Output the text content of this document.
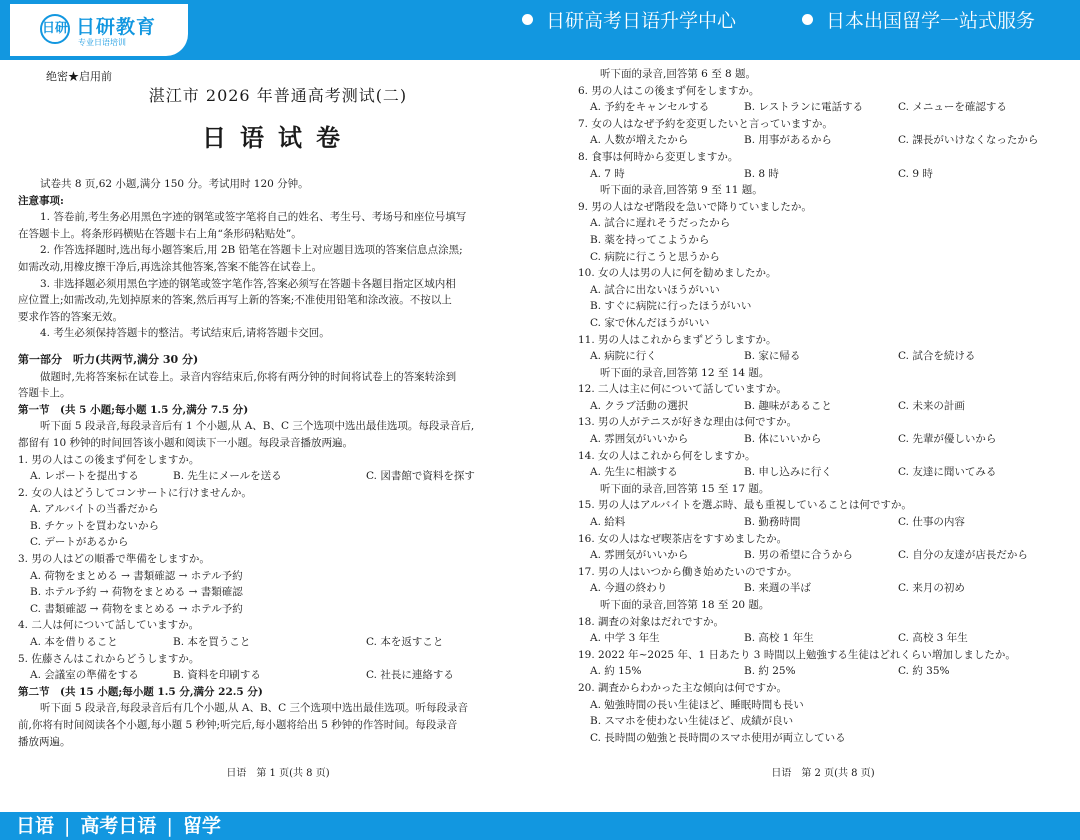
日研 日研教育
专业日语培训
日研高考日语升学中心	日本出国留学一站式服务
绝密★启用前
湛江市 2026 年普通高考测试(二)
日语试卷

试卷共 8 页,62 小题,满分 150 分。考试用时 120 分钟。

注意事项:

1. 答卷前,考生务必用黑色字迹的钢笔或签字笔将自己的姓名、考生号、考场号和座位号填写

在答题卡上。将条形码横贴在答题卡右上角“条形码粘贴处”。

2. 作答选择题时,选出每小题答案后,用 2B 铅笔在答题卡上对应题目选项的答案信息点涂黑;

如需改动,用橡皮擦干净后,再选涂其他答案,答案不能答在试卷上。

3. 非选择题必须用黑色字迹的钢笔或签字笔作答,答案必须写在答题卡各题目指定区域内相

应位置上;如需改动,先划掉原来的答案,然后再写上新的答案;不准使用铅笔和涂改液。不按以上

要求作答的答案无效。

4. 考生必须保持答题卡的整洁。考试结束后,请将答题卡交回。

第一部分　听力(共两节,满分 30 分)

做题时,先将答案标在试卷上。录音内容结束后,你将有两分钟的时间将试卷上的答案转涂到

答题卡上。

第一节　(共 5 小题;每小题 1.5 分,满分 7.5 分)

听下面 5 段录音,每段录音后有 1 个小题,从 A、B、C 三个选项中选出最佳选项。每段录音后,

都留有 10 秒钟的时间回答该小题和阅读下一小题。每段录音播放两遍。

1. 男の人はこの後まず何をしますか。

A. レポートを提出する	B. 先生にメールを送る	C. 図書館で資料を探す

2. 女の人はどうしてコンサートに行けませんか。

A. アルバイトの当番だから

B. チケットを買わないから

C. デートがあるから

3. 男の人はどの順番で準備をしますか。

A. 荷物をまとめる → 書類確認 → ホテル予約

B. ホテル予約 → 荷物をまとめる → 書類確認

C. 書類確認 → 荷物をまとめる → ホテル予約

4. 二人は何について話していますか。

A. 本を借りること	B. 本を買うこと	C. 本を返すこと

5. 佐藤さんはこれからどうしますか。

A. 会議室の準備をする	B. 資料を印刷する	C. 社長に連絡する

第二节　(共 15 小题;每小题 1.5 分,满分 22.5 分)

听下面 5 段录音,每段录音后有几个小题,从 A、B、C 三个选项中选出最佳选项。听每段录音

前,你将有时间阅读各个小题,每小题 5 秒钟;听完后,每小题将给出 5 秒钟的作答时间。每段录音

播放两遍。

日语　第 1 页(共 8 页)

听下面的录音,回答第 6 至 8 题。

6. 男の人はこの後まず何をしますか。

A. 予約をキャンセルする	B. レストランに電話する	C. メニューを確認する

7. 女の人はなぜ予約を変更したいと言っていますか。

A. 人数が増えたから	B. 用事があるから	C. 課長がいけなくなったから

8. 食事は何時から変更しますか。

A. 7 時	B. 8 時	C. 9 時

听下面的录音,回答第 9 至 11 题。

9. 男の人はなぜ階段を急いで降りていましたか。

A. 試合に遅れそうだったから

B. 薬を持ってこようから

C. 病院に行こうと思うから

10. 女の人は男の人に何を勧めましたか。

A. 試合に出ないほうがいい

B. すぐに病院に行ったほうがいい

C. 家で休んだほうがいい

11. 男の人はこれからまずどうしますか。

A. 病院に行く	B. 家に帰る	C. 試合を続ける

听下面的录音,回答第 12 至 14 题。

12. 二人は主に何について話していますか。

A. クラブ活動の選択	B. 趣味があること	C. 未来の計画

13. 男の人がテニスが好きな理由は何ですか。

A. 雰囲気がいいから	B. 体にいいから	C. 先輩が優しいから

14. 女の人はこれから何をしますか。

A. 先生に相談する	B. 申し込みに行く	C. 友達に聞いてみる

听下面的录音,回答第 15 至 17 题。

15. 男の人はアルバイトを選ぶ時、最も重視していることは何ですか。

A. 給料	B. 勤務時間	C. 仕事の内容

16. 女の人はなぜ喫茶店をすすめましたか。

A. 雰囲気がいいから	B. 男の希望に合うから	C. 自分の友達が店長だから

17. 男の人はいつから働き始めたいのですか。

A. 今週の終わり	B. 来週の半ば	C. 来月の初め

听下面的录音,回答第 18 至 20 题。

18. 調査の対象はだれですか。

A. 中学 3 年生	B. 高校 1 年生	C. 高校 3 年生

19. 2022 年~2025 年、1 日あたり 3 時間以上勉強する生徒はどれくらい増加しましたか。

A. 約 15%	B. 約 25%	C. 約 35%

20. 調査からわかった主な傾向は何ですか。

A. 勉強時間の長い生徒ほど、睡眠時間も長い

B. スマホを使わない生徒ほど、成績が良い

C. 長時間の勉強と長時間のスマホ使用が両立している

日语　第 2 页(共 8 页)
日语 | 高考日语 | 留学
